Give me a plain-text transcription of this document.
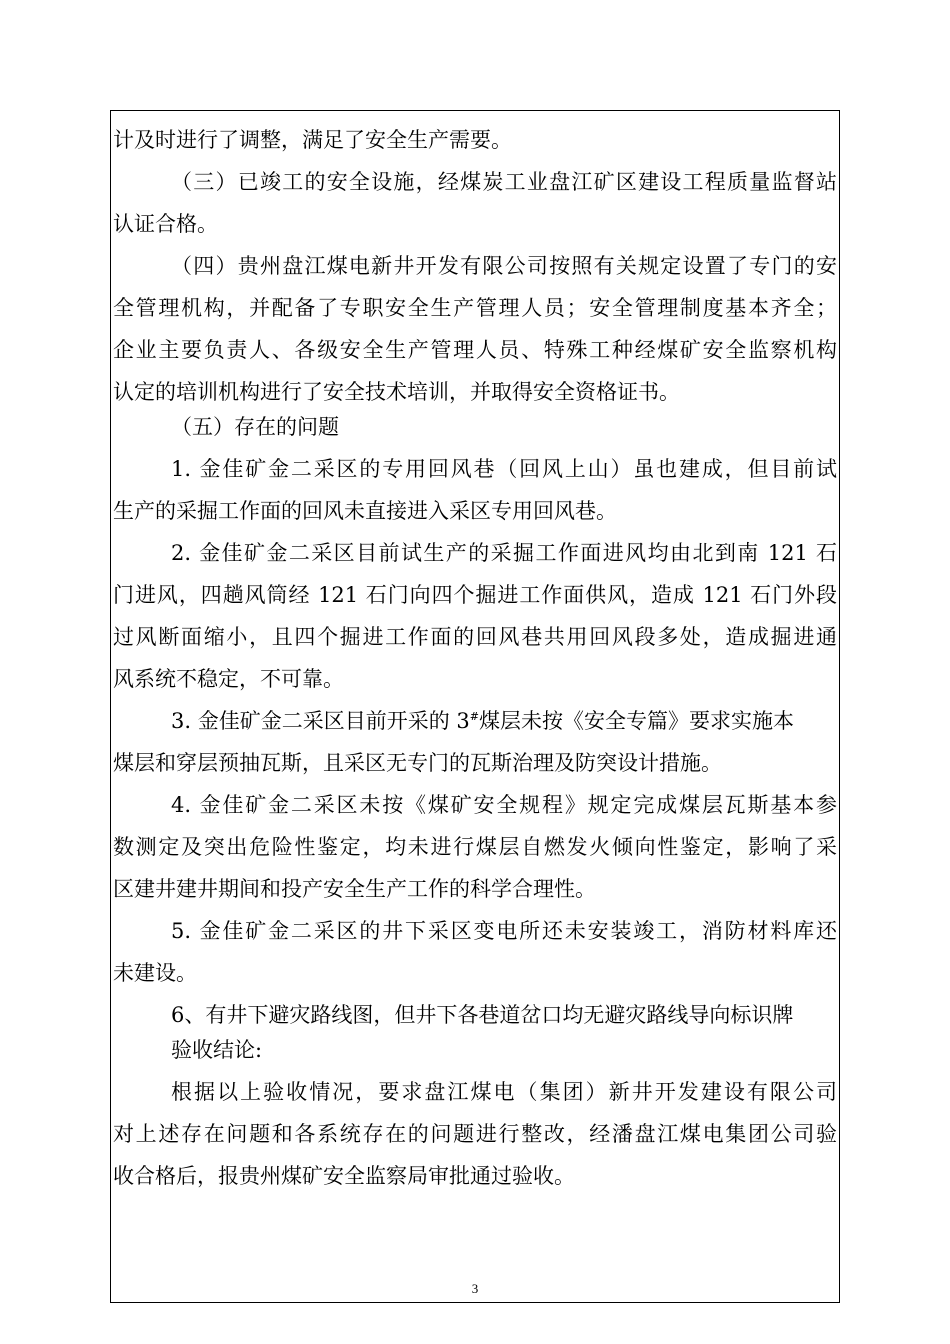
计及时进行了调整，满足了安全生产需要。
（三）已竣工的安全设施，经煤炭工业盘江矿区建设工程质量监督站
认证合格。
（四）贵州盘江煤电新井开发有限公司按照有关规定设置了专门的安
全管理机构，并配备了专职安全生产管理人员；安全管理制度基本齐全；
企业主要负责人、各级安全生产管理人员、特殊工种经煤矿安全监察机构
认定的培训机构进行了安全技术培训，并取得安全资格证书。
（五）存在的问题
1. 金佳矿金二采区的专用回风巷（回风上山）虽也建成，但目前试
生产的采掘工作面的回风未直接进入采区专用回风巷。
2. 金佳矿金二采区目前试生产的采掘工作面进风均由北到南 121 石
门进风，四趟风筒经 121 石门向四个掘进工作面供风，造成 121 石门外段
过风断面缩小，且四个掘进工作面的回风巷共用回风段多处，造成掘进通
风系统不稳定，不可靠。
3. 金佳矿金二采区目前开采的 3#煤层未按《安全专篇》要求实施本
煤层和穿层预抽瓦斯，且采区无专门的瓦斯治理及防突设计措施。
4. 金佳矿金二采区未按《煤矿安全规程》规定完成煤层瓦斯基本参
数测定及突出危险性鉴定，均未进行煤层自燃发火倾向性鉴定，影响了采
区建井建井期间和投产安全生产工作的科学合理性。
5. 金佳矿金二采区的井下采区变电所还未安装竣工，消防材料库还
未建设。
6、有井下避灾路线图，但井下各巷道岔口均无避灾路线导向标识牌
验收结论:
根据以上验收情况，要求盘江煤电（集团）新井开发建设有限公司
对上述存在问题和各系统存在的问题进行整改，经潘盘江煤电集团公司验
收合格后，报贵州煤矿安全监察局审批通过验收。
3
